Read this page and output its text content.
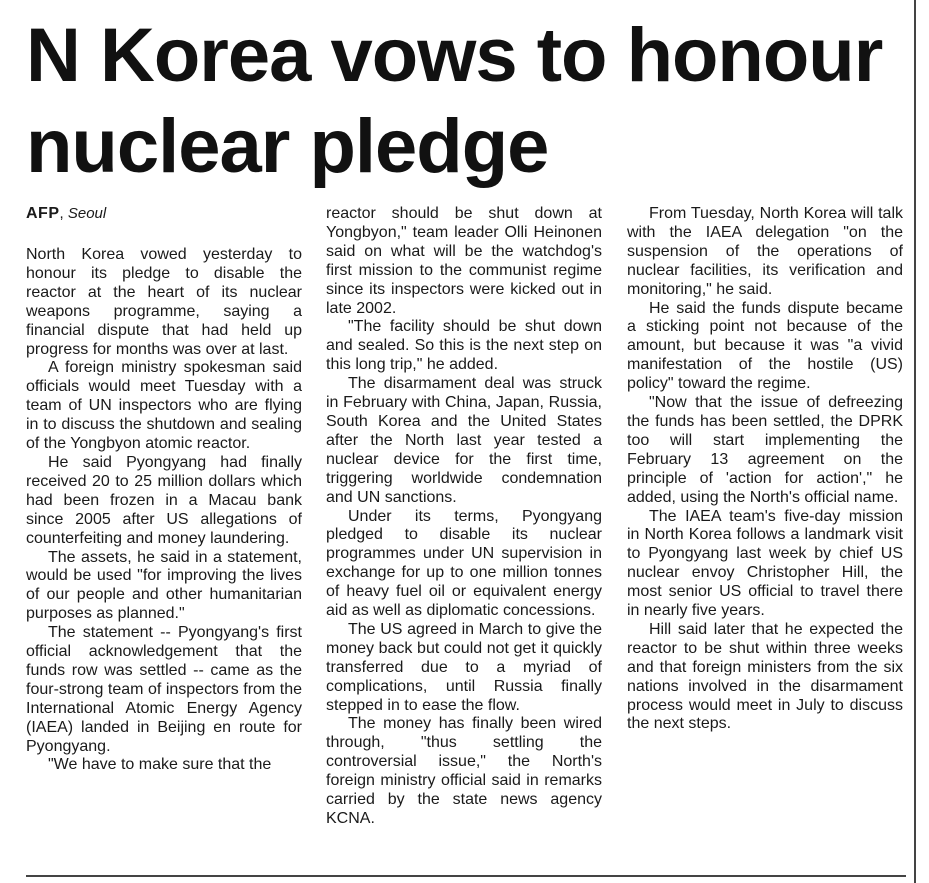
N Korea vows to honour nuclear pledge
AFP, Seoul

North Korea vowed yesterday to honour its pledge to disable the reactor at the heart of its nuclear weapons programme, saying a financial dispute that had held up progress for months was over at last.

A foreign ministry spokesman said officials would meet Tuesday with a team of UN inspectors who are flying in to discuss the shutdown and sealing of the Yongbyon atomic reactor.

He said Pyongyang had finally received 20 to 25 million dollars which had been frozen in a Macau bank since 2005 after US allegations of counterfeiting and money laundering.

The assets, he said in a statement, would be used "for improving the lives of our people and other humanitarian purposes as planned."

The statement -- Pyongyang's first official acknowledgement that the funds row was settled -- came as the four-strong team of inspectors from the International Atomic Energy Agency (IAEA) landed in Beijing en route for Pyongyang.

"We have to make sure that the

reactor should be shut down at Yongbyon," team leader Olli Heinonen said on what will be the watchdog's first mission to the communist regime since its inspectors were kicked out in late 2002.

"The facility should be shut down and sealed. So this is the next step on this long trip," he added.

The disarmament deal was struck in February with China, Japan, Russia, South Korea and the United States after the North last year tested a nuclear device for the first time, triggering worldwide condemnation and UN sanctions.

Under its terms, Pyongyang pledged to disable its nuclear programmes under UN supervision in exchange for up to one million tonnes of heavy fuel oil or equivalent energy aid as well as diplomatic concessions.

The US agreed in March to give the money back but could not get it quickly transferred due to a myriad of complications, until Russia finally stepped in to ease the flow.

The money has finally been wired through, "thus settling the controversial issue," the North's foreign ministry official said in remarks carried by the state news agency KCNA.

From Tuesday, North Korea will talk with the IAEA delegation "on the suspension of the operations of nuclear facilities, its verification and monitoring," he said.

He said the funds dispute became a sticking point not because of the amount, but because it was "a vivid manifestation of the hostile (US) policy" toward the regime.

"Now that the issue of defreezing the funds has been settled, the DPRK too will start implementing the February 13 agreement on the principle of 'action for action'," he added, using the North's official name.

The IAEA team's five-day mission in North Korea follows a landmark visit to Pyongyang last week by chief US nuclear envoy Christopher Hill, the most senior US official to travel there in nearly five years.

Hill said later that he expected the reactor to be shut within three weeks and that foreign ministers from the six nations involved in the disarmament process would meet in July to discuss the next steps.
